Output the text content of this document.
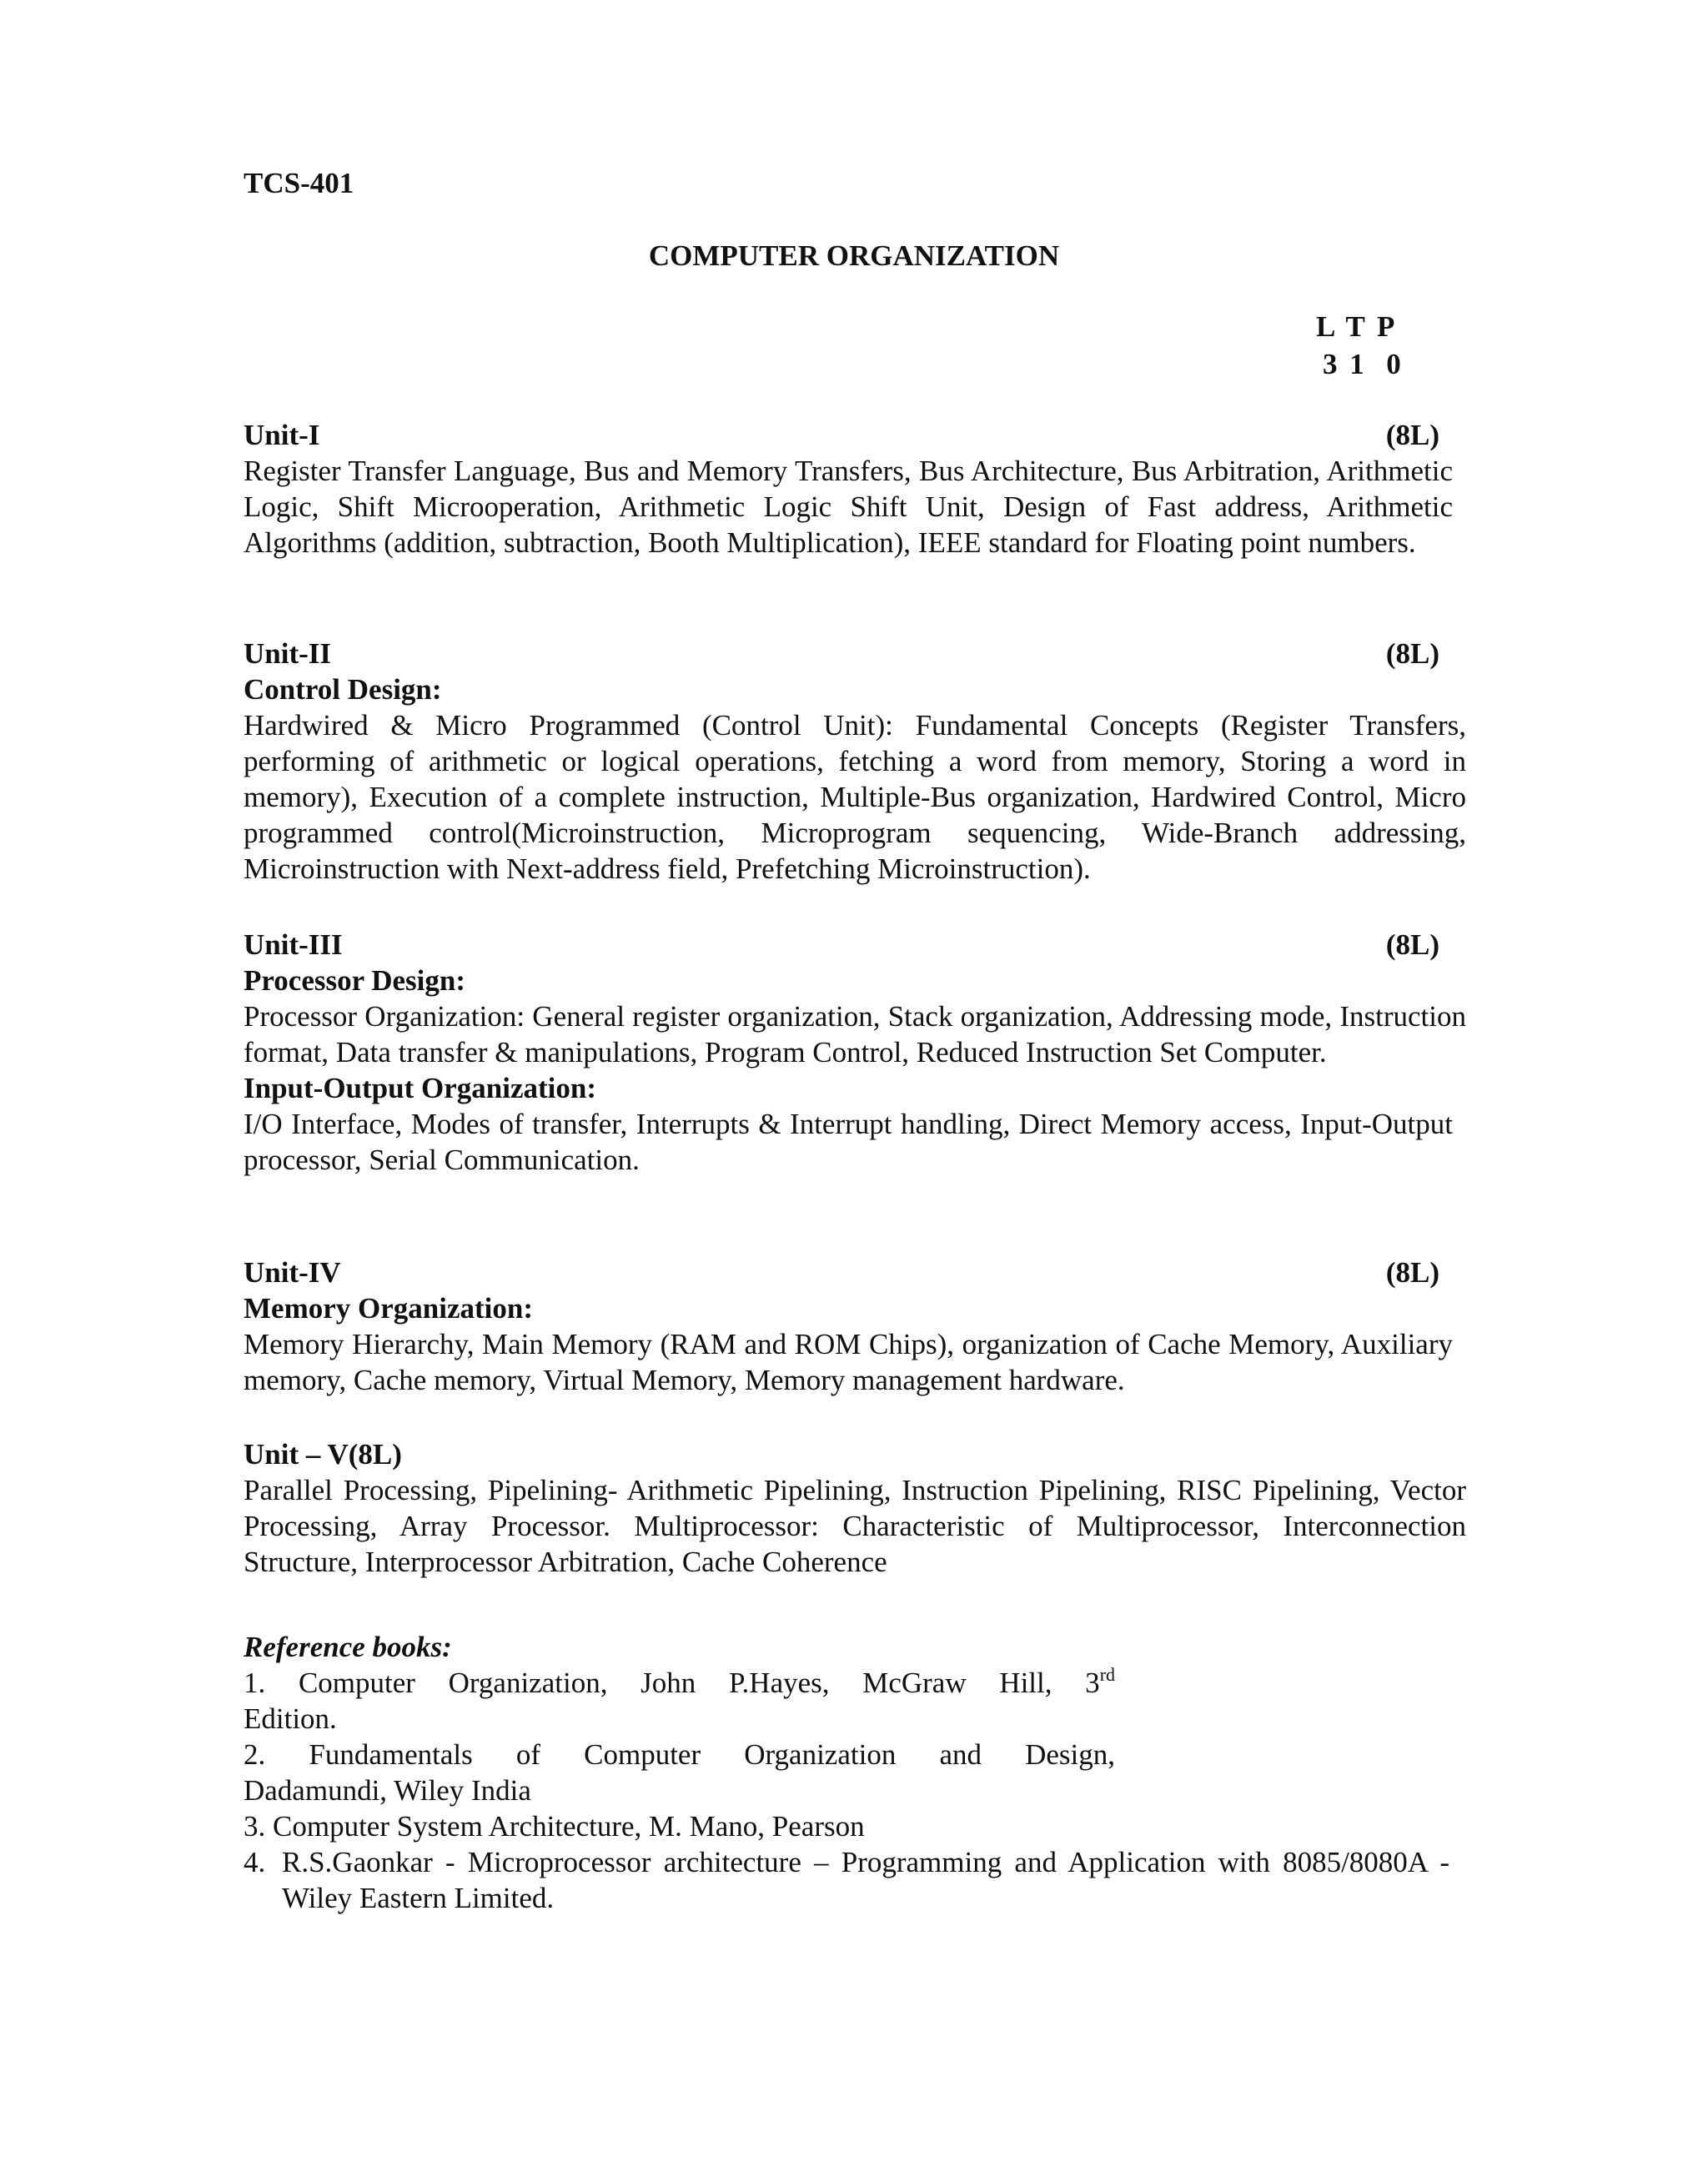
TCS-401
COMPUTER ORGANIZATION
L T P
3 1  0
Unit-I	(8L)
Register Transfer Language, Bus and Memory Transfers, Bus Architecture, Bus Arbitration, Arithmetic Logic, Shift Microoperation, Arithmetic Logic Shift Unit, Design of Fast address, Arithmetic Algorithms (addition, subtraction, Booth Multiplication), IEEE standard for Floating point numbers.
Unit-II	(8L)
Control Design:
Hardwired & Micro Programmed (Control Unit): Fundamental Concepts (Register Transfers, performing of arithmetic or logical operations, fetching a word from memory, Storing a word in memory), Execution of a complete instruction, Multiple-Bus organization, Hardwired Control, Micro programmed control(Microinstruction, Microprogram sequencing, Wide-Branch addressing, Microinstruction with Next-address field, Prefetching Microinstruction).
Unit-III	(8L)
Processor Design:
Processor Organization: General register organization, Stack organization, Addressing mode, Instruction format, Data transfer & manipulations, Program Control, Reduced Instruction Set Computer.
Input-Output Organization:
I/O Interface, Modes of transfer, Interrupts & Interrupt handling, Direct Memory access, Input-Output processor, Serial Communication.
Unit-IV	(8L)
Memory Organization:
Memory Hierarchy, Main Memory (RAM and ROM Chips), organization of Cache Memory, Auxiliary memory, Cache memory, Virtual Memory, Memory management hardware.
Unit – V(8L)
Parallel Processing, Pipelining- Arithmetic Pipelining, Instruction Pipelining, RISC Pipelining, Vector Processing, Array Processor. Multiprocessor: Characteristic of Multiprocessor, Interconnection Structure, Interprocessor Arbitration, Cache Coherence
Reference books:
1. Computer Organization, John P.Hayes, McGraw Hill, 3rd
Edition.
2. Fundamentals of Computer Organization and Design,
Dadamundi, Wiley India
3. Computer System Architecture, M. Mano, Pearson
4. R.S.Gaonkar - Microprocessor architecture – Programming and Application with 8085/8080A - Wiley Eastern Limited.
